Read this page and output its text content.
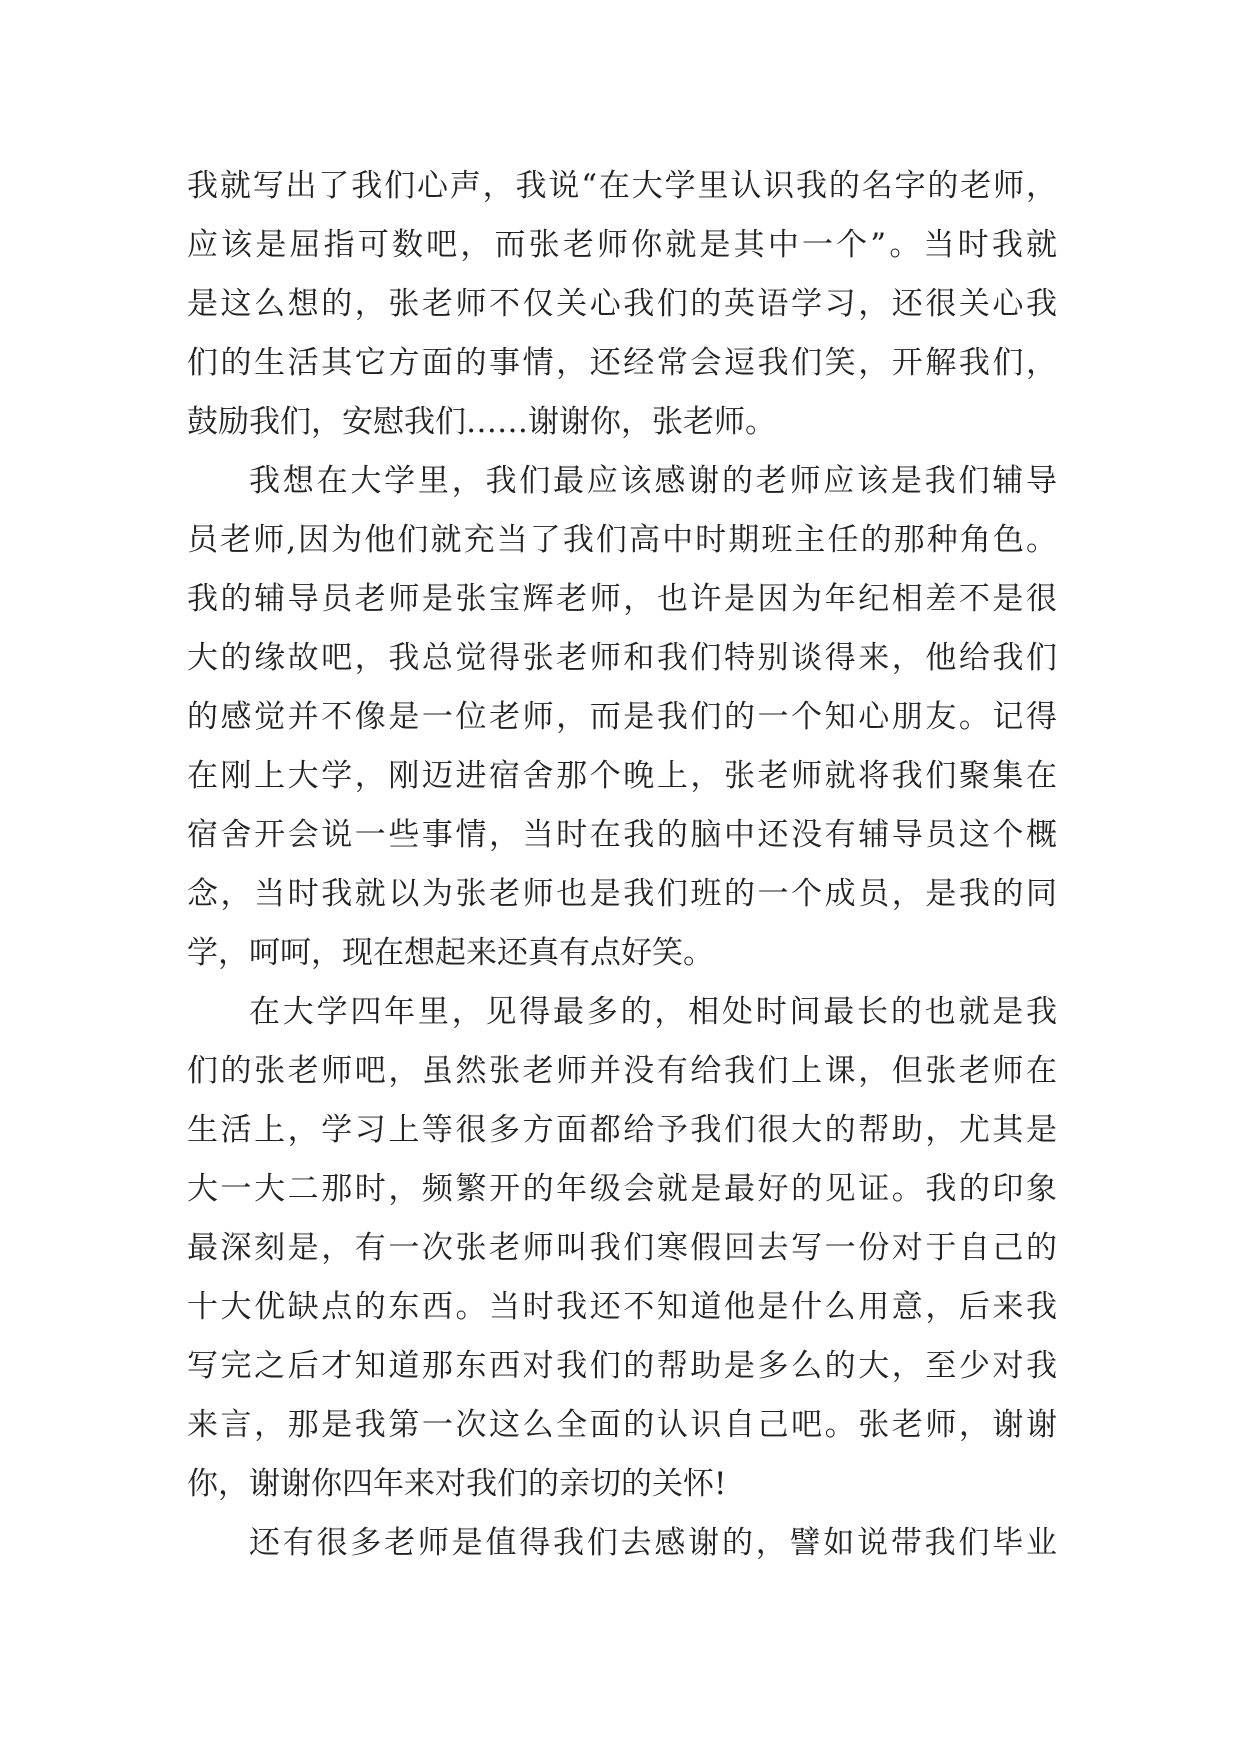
我就写出了我们心声，我说“在大学里认识我的名字的老师，
应该是屈指可数吧，而张老师你就是其中一个”。当时我就
是这么想的，张老师不仅关心我们的英语学习，还很关心我
们的生活其它方面的事情，还经常会逗我们笑，开解我们，
鼓励我们，安慰我们……谢谢你，张老师。
我想在大学里，我们最应该感谢的老师应该是我们辅导
员老师,因为他们就充当了我们高中时期班主任的那种角色。
我的辅导员老师是张宝辉老师，也许是因为年纪相差不是很
大的缘故吧，我总觉得张老师和我们特别谈得来，他给我们
的感觉并不像是一位老师，而是我们的一个知心朋友。记得
在刚上大学，刚迈进宿舍那个晚上，张老师就将我们聚集在
宿舍开会说一些事情，当时在我的脑中还没有辅导员这个概
念，当时我就以为张老师也是我们班的一个成员，是我的同
学，呵呵，现在想起来还真有点好笑。
在大学四年里，见得最多的，相处时间最长的也就是我
们的张老师吧，虽然张老师并没有给我们上课，但张老师在
生活上，学习上等很多方面都给予我们很大的帮助，尤其是
大一大二那时，频繁开的年级会就是最好的见证。我的印象
最深刻是，有一次张老师叫我们寒假回去写一份对于自己的
十大优缺点的东西。当时我还不知道他是什么用意，后来我
写完之后才知道那东西对我们的帮助是多么的大，至少对我
来言，那是我第一次这么全面的认识自己吧。张老师，谢谢
你，谢谢你四年来对我们的亲切的关怀!
还有很多老师是值得我们去感谢的，譬如说带我们毕业
